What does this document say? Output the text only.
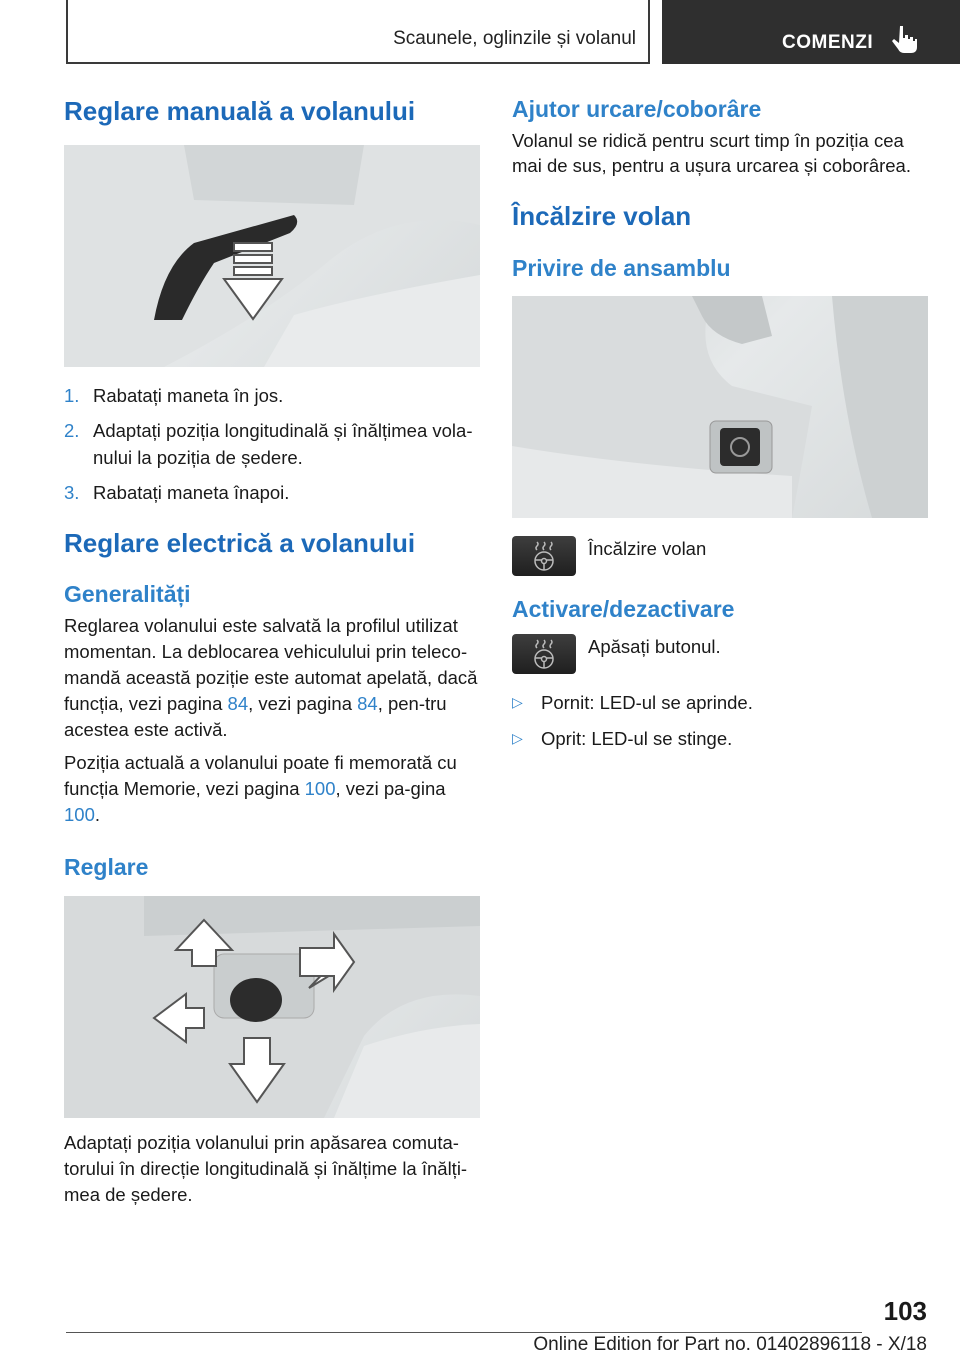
Scaunele, oglinzile și volanul	COMENZI
Reglare manuală a volanului
1. Rabatați maneta în jos.
2. Adaptați poziția longitudinală și înălțimea vola‐nului la poziția de ședere.
3. Rabatați maneta înapoi.
Reglare electrică a volanului
Generalități

Reglarea volanului este salvată la profilul utilizat momentan. La deblocarea vehiculului prin teleco‐mandă această poziție este automat apelată, dacă funcția, vezi pagina 84, vezi pagina 84, pen‐tru acestea este activă.

Poziția actuală a volanului poate fi memorată cu funcția Memorie, vezi pagina 100, vezi pa‐gina 100.

Reglare

Adaptați poziția volanului prin apăsarea comuta‐torului în direcție longitudinală și înălțime la înălți‐mea de ședere.

Ajutor urcare/coborâre

Volanul se ridică pentru scurt timp în poziția cea mai de sus, pentru a ușura urcarea și coborârea.

Încălzire volan
Privire de ansamblu
Încălzire volan
Activare/dezactivare
Apăsați butonul.
▷ Pornit: LED-ul se aprinde.
▷ Oprit: LED-ul se stinge.
103
Online Edition for Part no. 01402896118 - X/18
